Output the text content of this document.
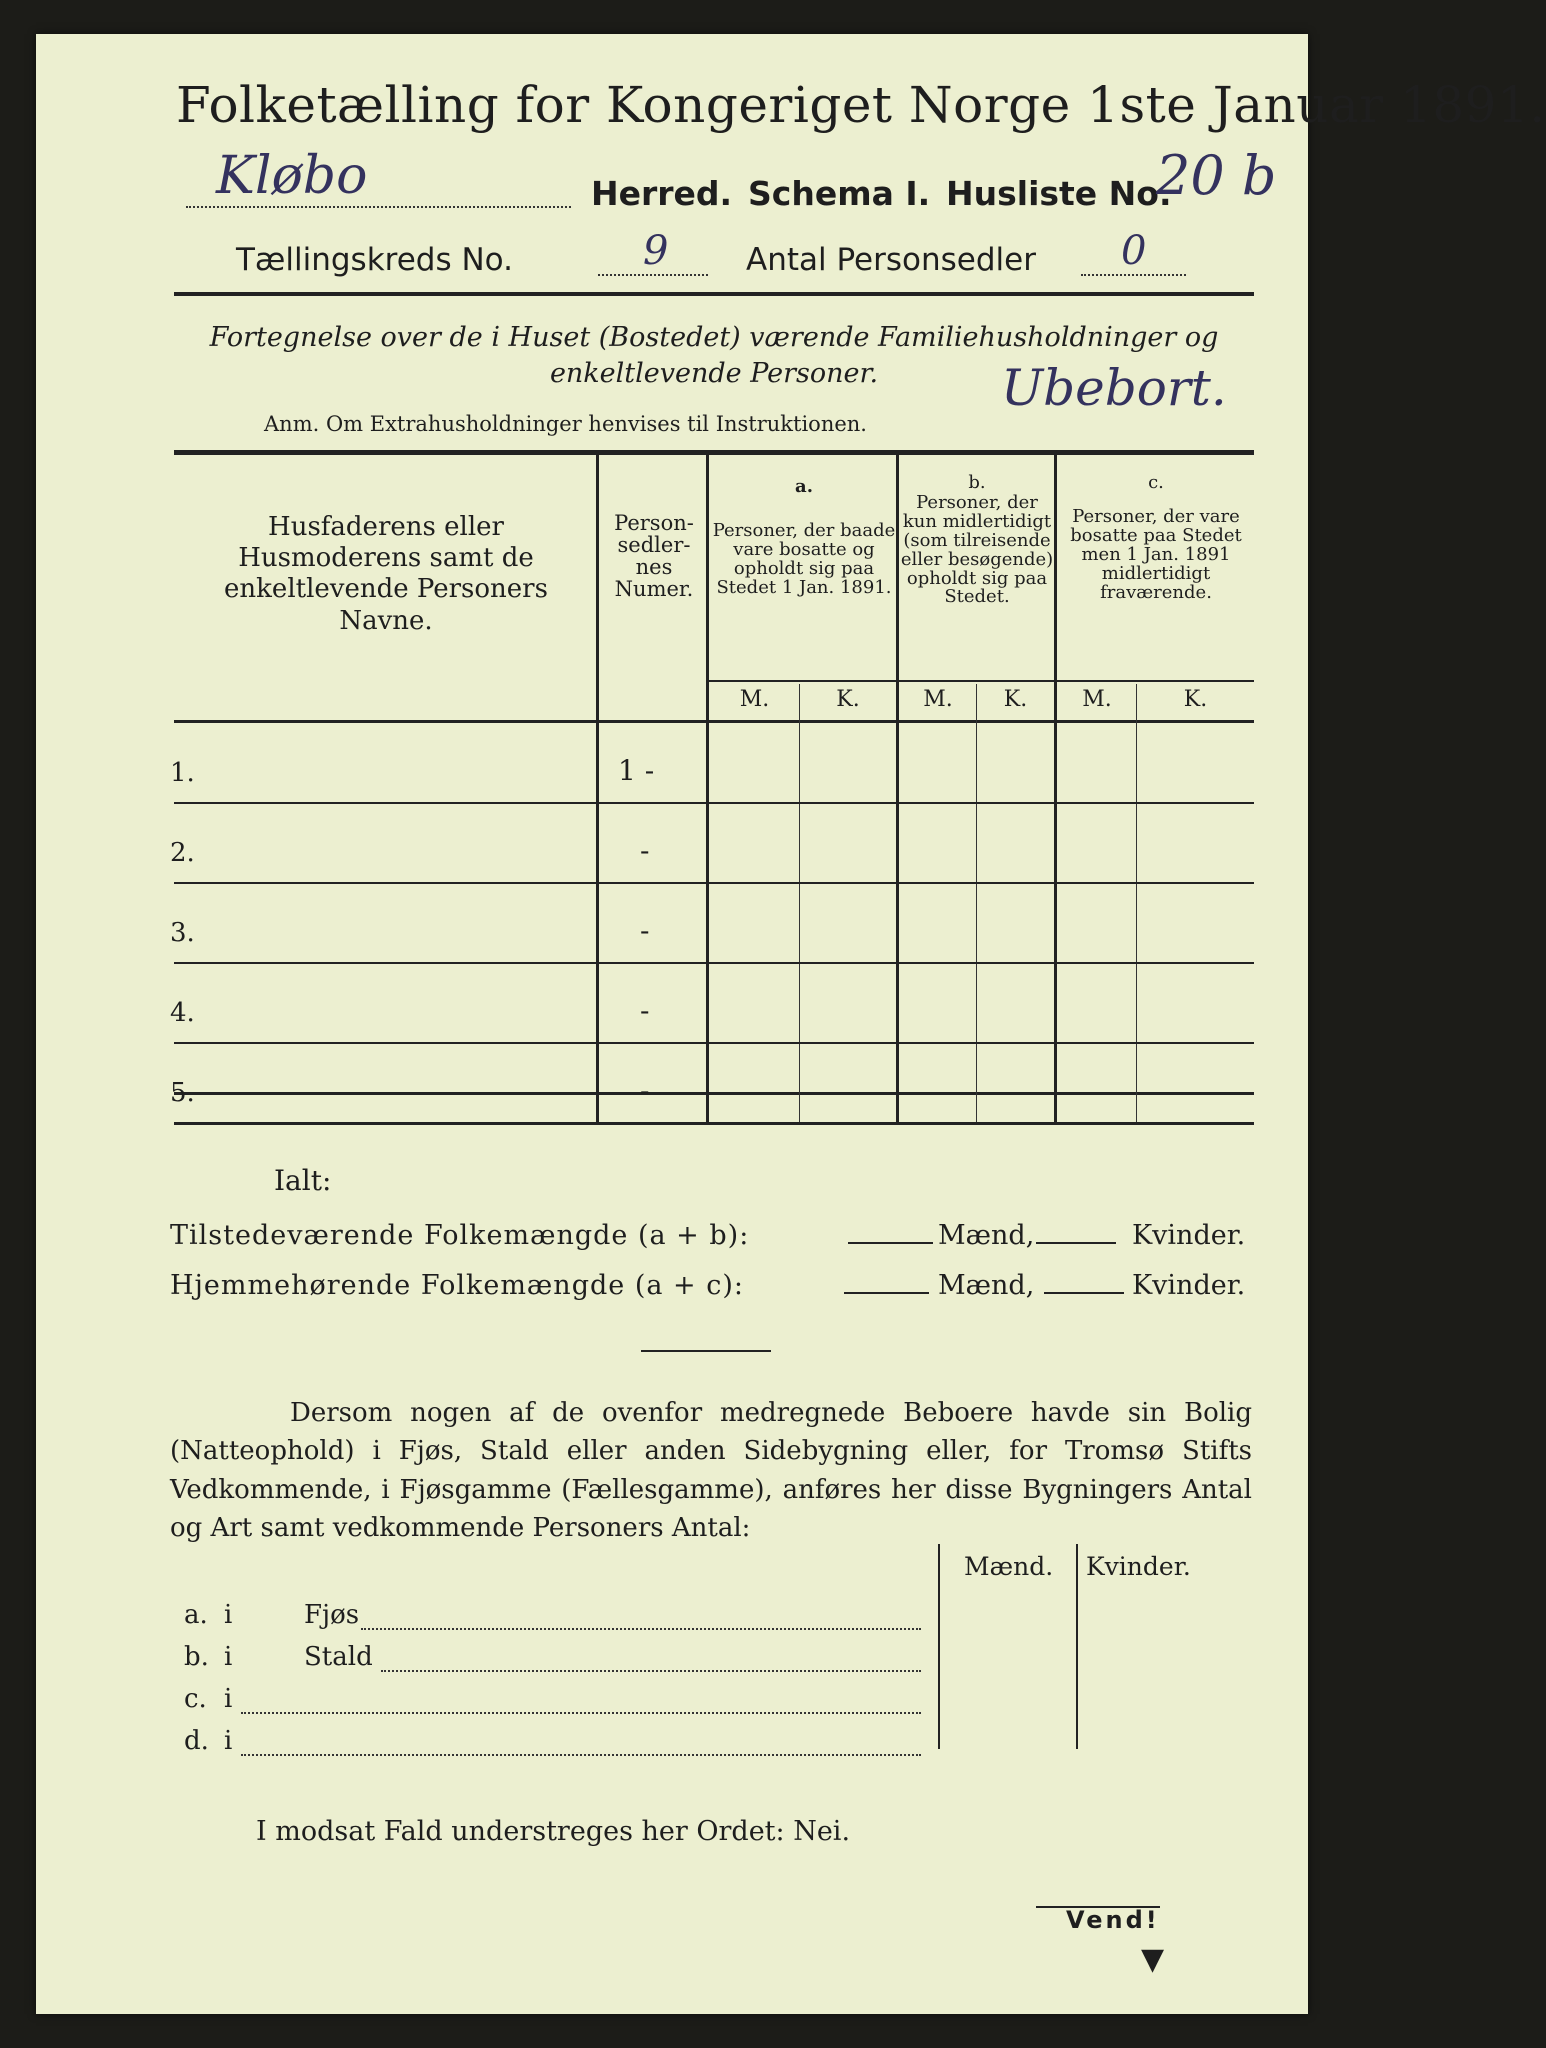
Folketælling for Kongeriget Norge 1ste Januar 1891.
Kløbo	Herred. Schema I. Husliste No.
20 b
Tællingskreds No.	9	Antal Personsedler 0
Fortegnelse over de i Huset (Bostedet) værende Familiehusholdninger og enkeltlevende Personer.	Ubebort.
Anm. Om Extrahusholdninger henvises til Instruktionen.
Husfaderens eller Husmoderens samt de enkeltlevende Personers Navne.
Person-sedler-nes Numer.
a.
Personer, der baade vare bosatte og opholdt sig paa Stedet 1 Jan. 1891.
b.
Personer, der kun midlertidigt (som tilreisende eller besøgende) opholdt sig paa Stedet.
c.
Personer, der vare bosatte paa Stedet men 1 Jan. 1891 midlertidigt fraværende.
M.	K.	M.	K.	M.	K.
1.	1 -
2.	-
3.	-
4.	-
5.	-
Ialt:
Tilstedeværende Folkemængde (a + b):	Mænd,	Kvinder.
Hjemmehørende Folkemængde (a + c):	Mænd,	Kvinder.
Dersom nogen af de ovenfor medregnede Beboere havde sin Bolig (Natteophold) i Fjøs, Stald eller anden Sidebygning eller, for Tromsø Stifts Vedkommende, i Fjøsgamme (Fællesgamme), anføres her disse Bygningers Antal og Art samt vedkommende Personers Antal:
Mænd. Kvinder.
a. i	Fjøs
b. i	Stald
c. i
d. i
I modsat Fald understreges her Ordet: Nei.
Vend!
▼
